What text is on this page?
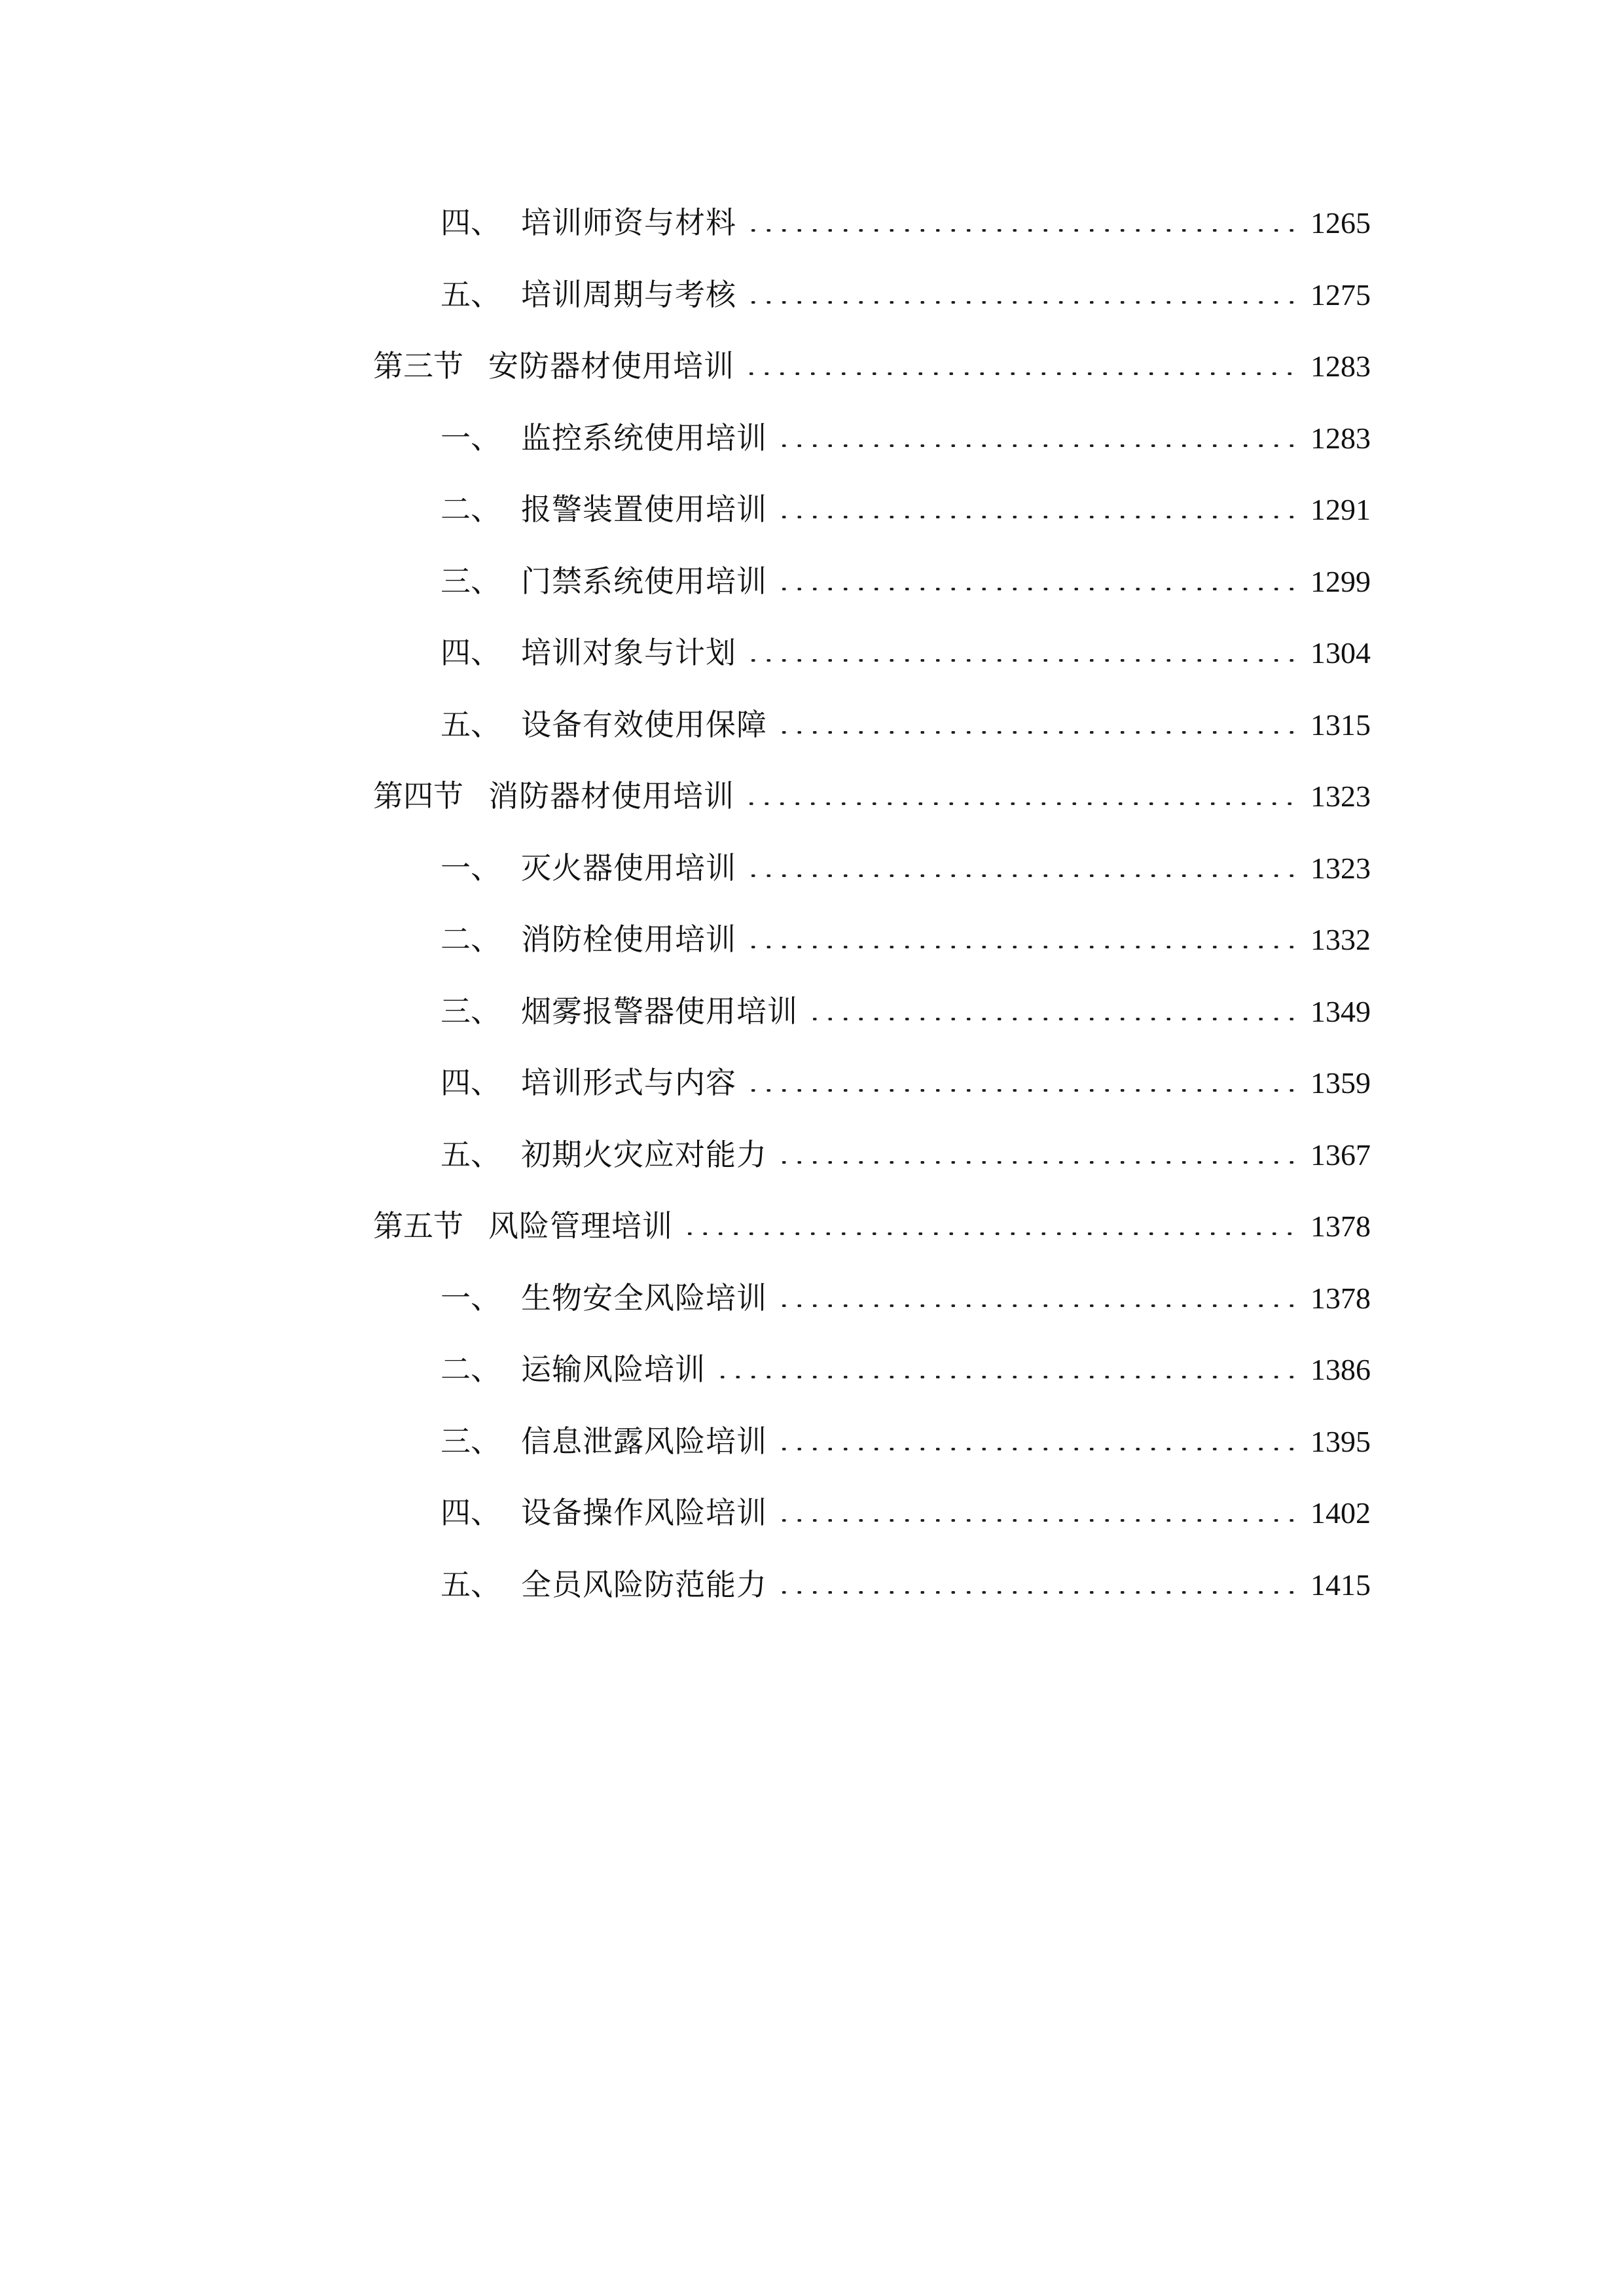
四、 培训师资与材料	1265
五、 培训周期与考核	1275
第三节 安防器材使用培训	1283
一、 监控系统使用培训	1283
二、 报警装置使用培训	1291
三、 门禁系统使用培训	1299
四、 培训对象与计划	1304
五、 设备有效使用保障	1315
第四节 消防器材使用培训	1323
一、 灭火器使用培训	1323
二、 消防栓使用培训	1332
三、 烟雾报警器使用培训	1349
四、 培训形式与内容	1359
五、 初期火灾应对能力	1367
第五节 风险管理培训	1378
一、 生物安全风险培训	1378
二、 运输风险培训	1386
三、 信息泄露风险培训	1395
四、 设备操作风险培训	1402
五、 全员风险防范能力	1415
